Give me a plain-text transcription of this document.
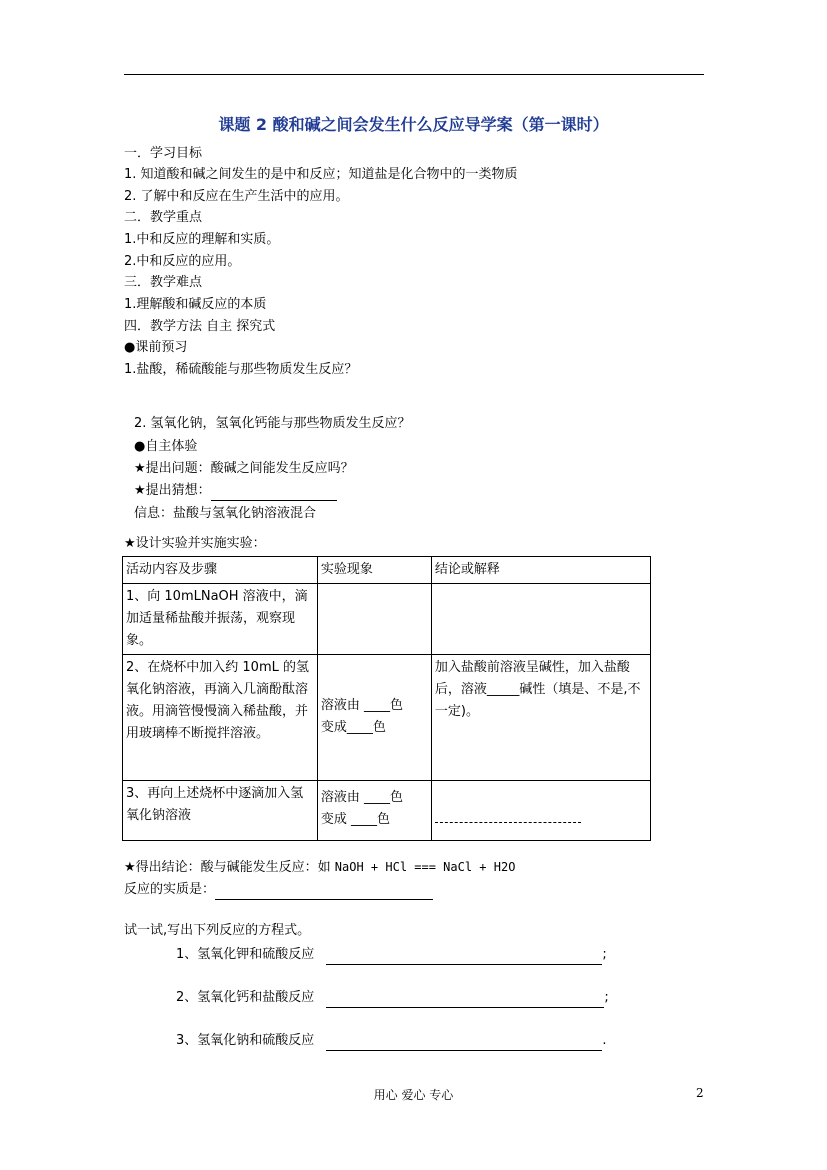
课题 2 酸和碱之间会发生什么反应导学案（第一课时）
一．学习目标
1. 知道酸和碱之间发生的是中和反应；知道盐是化合物中的一类物质
2. 了解中和反应在生产生活中的应用。
二．教学重点
1.中和反应的理解和实质。
2.中和反应的应用。
三．教学难点
1.理解酸和碱反应的本质
四．教学方法 自主 探究式
●课前预习
1.盐酸，稀硫酸能与那些物质发生反应？
2. 氢氧化钠，氢氧化钙能与那些物质发生反应？
●自主体验
★提出问题：酸碱之间能发生反应吗？
★提出猜想：
信息：盐酸与氢氧化钠溶液混合
★设计实验并实施实验：
活动内容及步骤	实验现象	结论或解释
1、向 10mLNaOH 溶液中，滴加适量稀盐酸并振荡，观察现象。		
2、在烧杯中加入约 10mL 的氢氧化钠溶液，再滴入几滴酚酞溶液。用滴管慢慢滴入稀盐酸，并用玻璃棒不断搅拌溶液。	溶液由 ____色
变成____色	加入盐酸前溶液呈碱性，加入盐酸后，溶液_____碱性（填是、不是,不一定)。
3、再向上述烧杯中逐滴加入氢氧化钠溶液	溶液由 ____色
变成 ____色	

★得出结论：酸与碱能发生反应：如 NaOH + HCl === NaCl + H2O
反应的实质是：
试一试,写出下列反应的方程式。
1、氢氧化钾和硫酸反应	;
2、氢氧化钙和盐酸反应	;
3、氢氧化钠和硫酸反应	.
用心 爱心 专心	2
